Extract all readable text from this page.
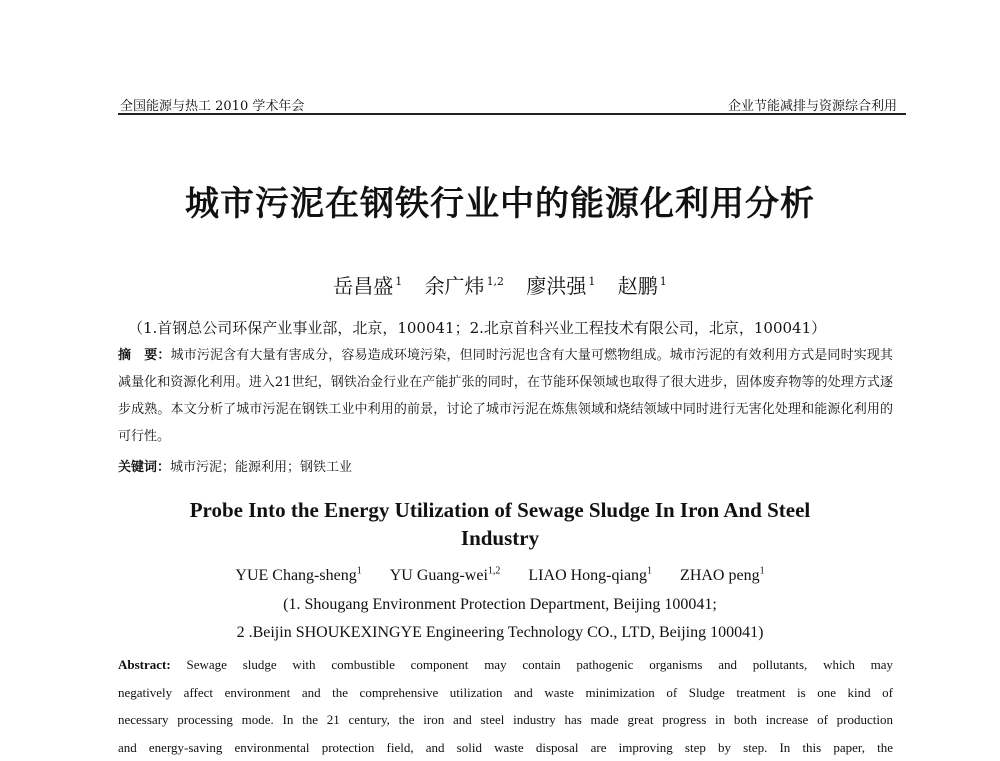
全国能源与热工 2010 学术年会	企业节能减排与资源综合利用
城市污泥在钢铁行业中的能源化利用分析
岳昌盛 $^1$ 余广炜 $^{1,2}$ 廖洪强 $^1$ 赵鹏 $^1$
（1.首钢总公司环保产业事业部，北京，100041；2.北京首科兴业工程技术有限公司，北京，100041）
摘　要：城市污泥含有大量有害成分，容易造成环境污染，但同时污泥也含有大量可燃物组成。城市污泥的有效利用方式是同时实现其减量化和资源化利用。进入21世纪，钢铁冶金行业在产能扩张的同时，在节能环保领域也取得了很大进步，固体废弃物等的处理方式逐步成熟。本文分析了城市污泥在钢铁工业中利用的前景，讨论了城市污泥在炼焦领域和烧结领域中同时进行无害化处理和能源化利用的可行性。
关键词：城市污泥；能源利用；钢铁工业
Probe Into the Energy Utilization of Sewage Sludge In Iron And Steel
Industry
YUE Chang-sheng$^1$ YU Guang-wei$^{1,2}$ LIAO Hong-qiang$^1$ ZHAO peng$^1$
(1. Shougang Environment Protection Department, Beijing 100041;
2 .Beijin SHOUKEXINGYE Engineering Technology CO., LTD, Beijing 100041)
Abstract: Sewage sludge with combustible component may contain pathogenic organisms and pollutants, which may
negatively affect environment and the comprehensive utilization and waste minimization of Sludge treatment is one kind of
necessary processing mode. In the 21 century, the iron and steel industry has made great progress in both increase of production
and energy-saving environmental protection field, and solid waste disposal are improving step by step. In this paper, the
